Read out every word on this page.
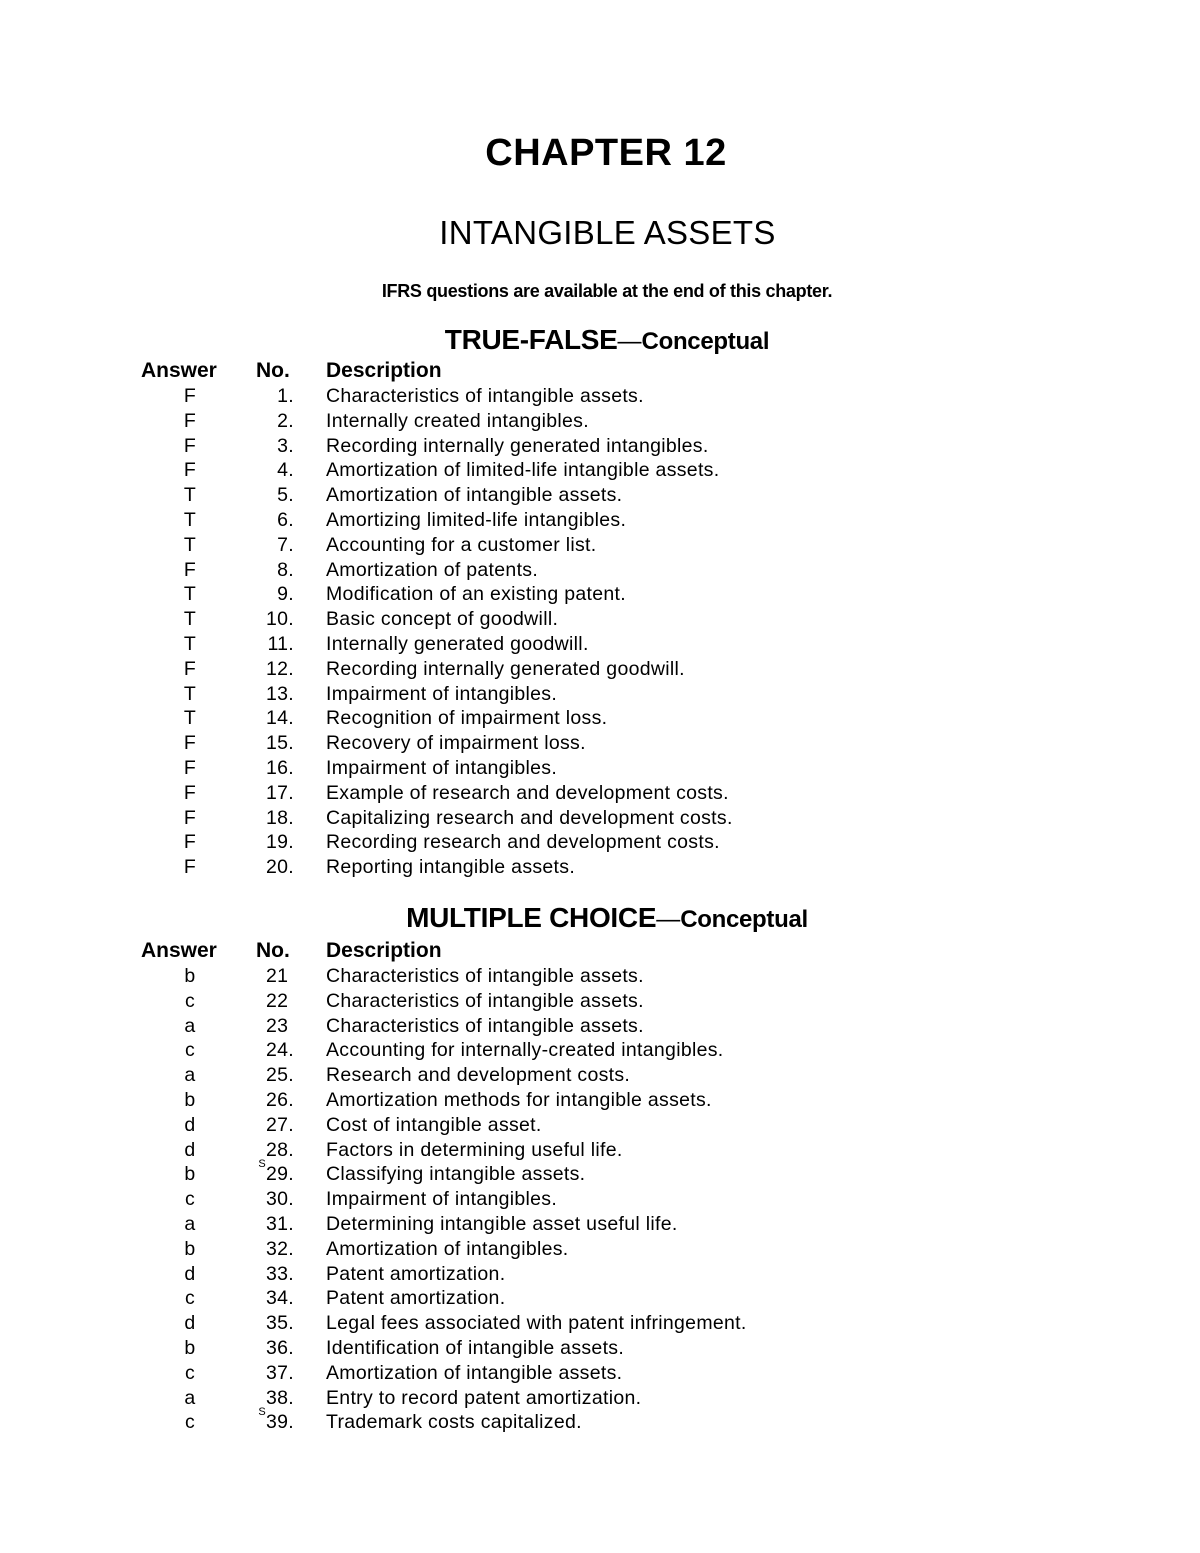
CHAPTER 12
INTANGIBLE ASSETS
IFRS questions are available at the end of this chapter.
TRUE-FALSE—Conceptual
Answer No. Description
F	1. Characteristics of intangible assets.
F	2. Internally created intangibles.
F	3. Recording internally generated intangibles.
F	4. Amortization of limited-life intangible assets.
T	5. Amortization of intangible assets.
T	6. Amortizing limited-life intangibles.
T	7. Accounting for a customer list.
F	8. Amortization of patents.
T	9. Modification of an existing patent.
T	10. Basic concept of goodwill.
T	11. Internally generated goodwill.
F	12. Recording internally generated goodwill.
T	13. Impairment of intangibles.
T	14. Recognition of impairment loss.
F	15. Recovery of impairment loss.
F	16. Impairment of intangibles.
F	17. Example of research and development costs.
F	18. Capitalizing research and development costs.
F	19. Recording research and development costs.
F	20. Reporting intangible assets.
MULTIPLE CHOICE—Conceptual
Answer No. Description
b	21 Characteristics of intangible assets.
c	22 Characteristics of intangible assets.
a	23 Characteristics of intangible assets.
c	24. Accounting for internally-created intangibles.
a	25. Research and development costs.
b	26. Amortization methods for intangible assets.
d	27. Cost of intangible asset.
d	28. Factors in determining useful life.
b	$^S$29. Classifying intangible assets.
c	30. Impairment of intangibles.
a	31. Determining intangible asset useful life.
b	32. Amortization of intangibles.
d	33. Patent amortization.
c	34. Patent amortization.
d	35. Legal fees associated with patent infringement.
b	36. Identification of intangible assets.
c	37. Amortization of intangible assets.
a	38. Entry to record patent amortization.
c	$^S$39. Trademark costs capitalized.
